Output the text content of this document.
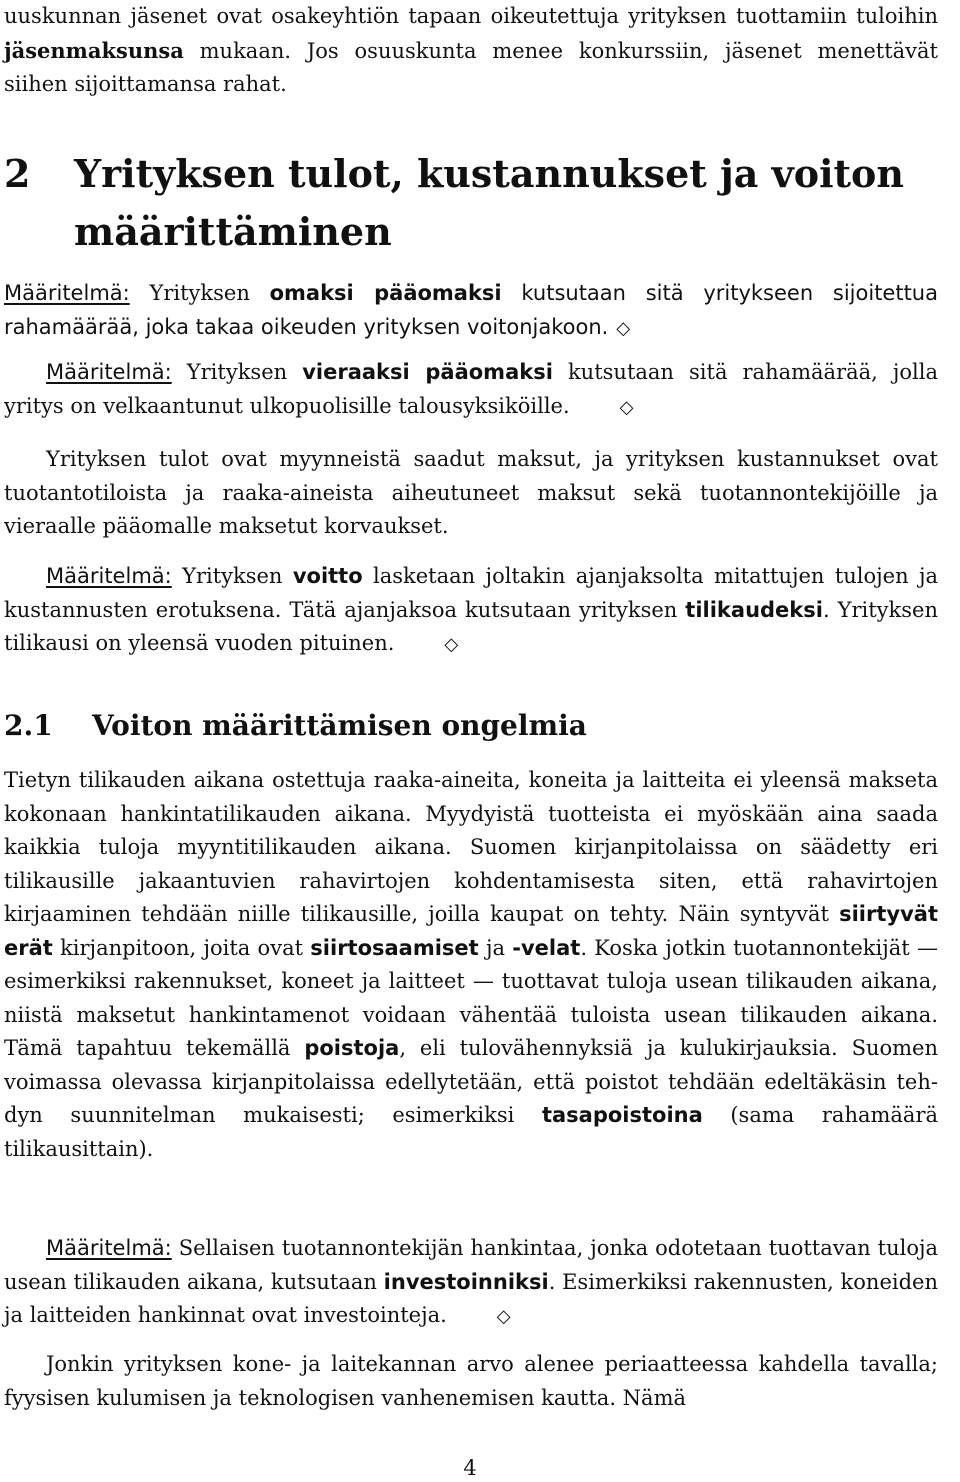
uuskunnan jäsenet ovat osakeyhtiön tapaan oikeutettuja yrityksen tuottamiin tuloihin jäsenmaksunsa mukaan. Jos osuuskunta menee konkurssiin, jäsenet menettävät siihen sijoittamansa rahat.

2 Yrityksen tulot, kustannukset ja voiton määrittäminen

Määritelmä: Yrityksen omaksi pääomaksi kutsutaan sitä yritykseen sijoitettua rahamäärää, joka takaa oikeuden yrityksen voitonjakoon. ◇

Määritelmä: Yrityksen vieraaksi pääomaksi kutsutaan sitä rahamäärää, jolla yritys on velkaantunut ulkopuolisille talousyksiköille.	◇

Yrityksen tulot ovat myynneistä saadut maksut, ja yrityksen kustannukset ovat tuotantotiloista ja raaka-aineista aiheutuneet maksut sekä tuotannontekijöille ja vieraalle pääomalle maksetut korvaukset.

Määritelmä: Yrityksen voitto lasketaan joltakin ajanjaksolta mitattujen tulojen ja kustannusten erotuksena. Tätä ajanjaksoa kutsutaan yrityksen tilikaudeksi. Yrityksen tilikausi on yleensä vuoden pituinen.	◇

2.1 Voiton määrittämisen ongelmia

Tietyn tilikauden aikana ostettuja raaka-aineita, koneita ja laitteita ei yleensä makseta kokonaan hankintatilikauden aikana. Myydyistä tuotteista ei myöskään aina saada kaikkia tuloja myyntitilikauden aikana. Suomen kirjanpitolaissa on säädetty eri tilikausille jakaantuvien rahavirtojen kohdentamisesta siten, että rahavirtojen kirjaaminen tehdään niille tilikausille, joilla kaupat on tehty. Näin syntyvät siirtyvät erät kirjanpitoon, joita ovat siirtosaamiset ja -velat. Koska jotkin tuotannontekijät — esimerkiksi rakennukset, koneet ja laitteet — tuottavat tuloja usean tilikauden aikana, niistä maksetut hankintamenot voidaan vähentää tuloista usean tilikauden aikana. Tämä tapahtuu tekemällä poistoja, eli tulovähennyksiä ja kulukirjauksia. Suomen voimassa olevassa kirjanpitolaissa edellytetään, että poistot tehdään edeltäkäsin tehdyn suunnitelman mukaisesti; esimerkiksi tasapoistoina (sama rahamäärä tilikausittain).

Määritelmä: Sellaisen tuotannontekijän hankintaa, jonka odotetaan tuottavan tuloja usean tilikauden aikana, kutsutaan investoinniksi. Esimerkiksi rakennusten, koneiden ja laitteiden hankinnat ovat investointeja.	◇

Jonkin yrityksen kone- ja laitekannan arvo alenee periaatteessa kahdella tavalla; fyysisen kulumisen ja teknologisen vanhenemisen kautta. Nämä

4
